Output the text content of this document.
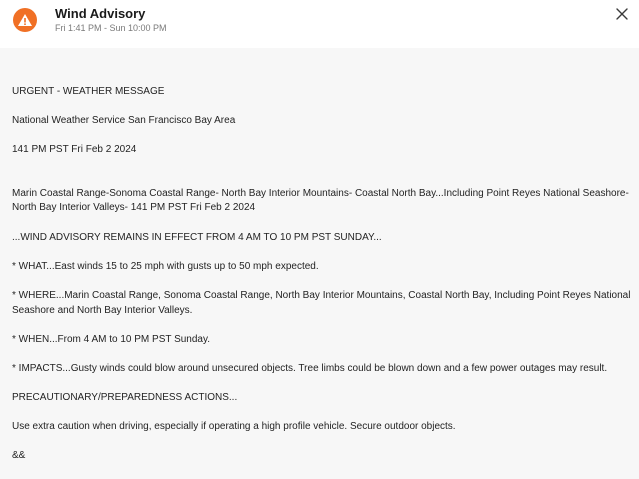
Wind Advisory
Fri 1:41 PM - Sun 10:00 PM

URGENT - WEATHER MESSAGE

National Weather Service San Francisco Bay Area

141 PM PST Fri Feb 2 2024

Marin Coastal Range-Sonoma Coastal Range- North Bay Interior Mountains- Coastal North Bay...Including Point Reyes National Seashore- North Bay Interior Valleys- 141 PM PST Fri Feb 2 2024
...WIND ADVISORY REMAINS IN EFFECT FROM 4 AM TO 10 PM PST SUNDAY...
* WHAT...East winds 15 to 25 mph with gusts up to 50 mph expected.
* WHERE...Marin Coastal Range, Sonoma Coastal Range, North Bay Interior Mountains, Coastal North Bay, Including Point Reyes National Seashore and North Bay Interior Valleys.
* WHEN...From 4 AM to 10 PM PST Sunday.
* IMPACTS...Gusty winds could blow around unsecured objects. Tree limbs could be blown down and a few power outages may result.
PRECAUTIONARY/PREPAREDNESS ACTIONS...
Use extra caution when driving, especially if operating a high profile vehicle. Secure outdoor objects.
&&
